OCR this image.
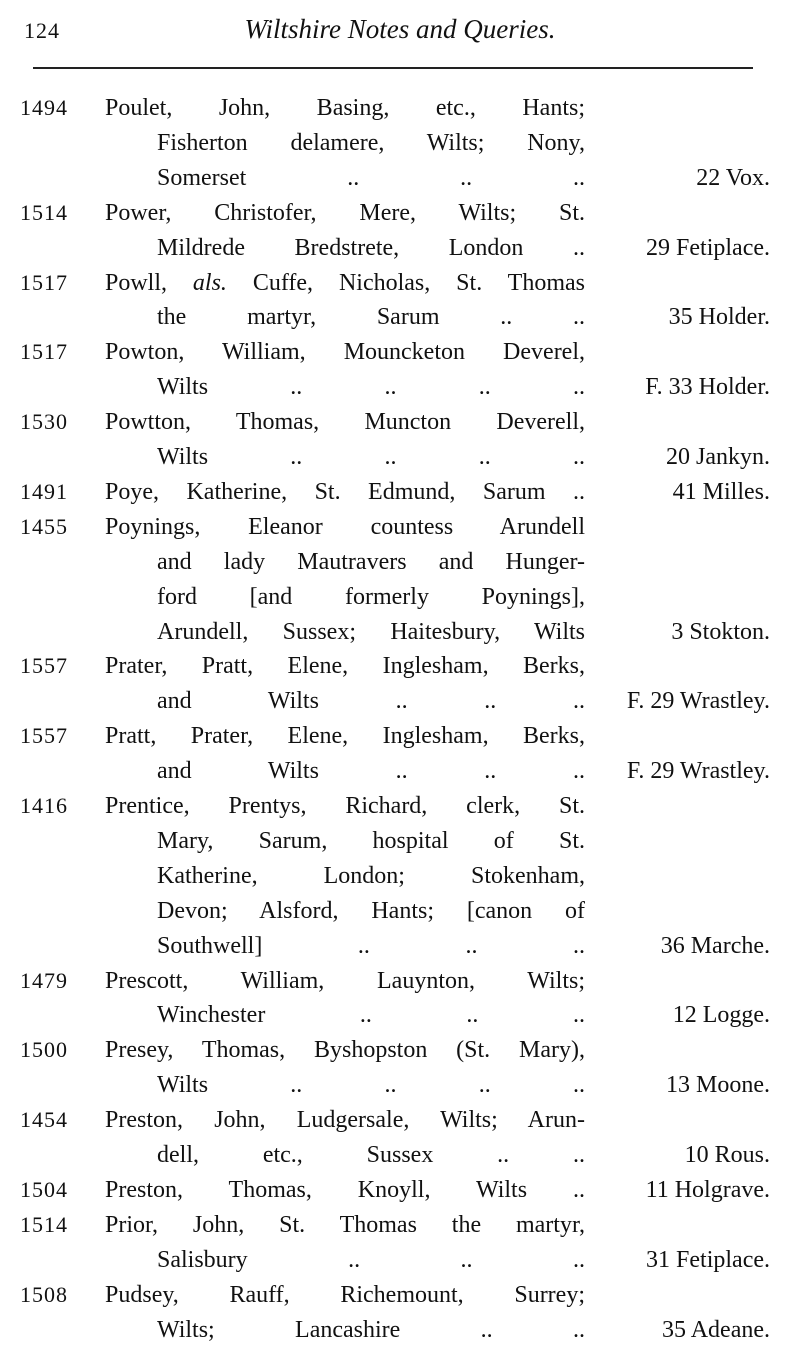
124	Wiltshire Notes and Queries.
1494 Poulet, John, Basing, etc., Hants;
Fisherton delamere, Wilts; Nony,
Somerset .. .. ..	22 Vox.
1514 Power, Christofer, Mere, Wilts; St.
Mildrede Bredstrete, London ..	29 Fetiplace.
1517 Powll, als. Cuffe, Nicholas, St. Thomas
the martyr, Sarum .. ..	35 Holder.
1517 Powton, William, Mouncketon Deverel,
Wilts .. .. .. ..	F. 33 Holder.
1530 Powtton, Thomas, Muncton Deverell,
Wilts .. .. .. ..	20 Jankyn.
1491 Poye, Katherine, St. Edmund, Sarum ..	41 Milles.
1455 Poynings, Eleanor countess Arundell
and lady Mautravers and Hunger-
ford [and formerly Poynings],
Arundell, Sussex; Haitesbury, Wilts	3 Stokton.
1557 Prater, Pratt, Elene, Inglesham, Berks,
and Wilts .. .. .. F. 29 Wrastley.
1557 Pratt, Prater, Elene, Inglesham, Berks,
and Wilts .. .. .. F. 29 Wrastley.
1416 Prentice, Prentys, Richard, clerk, St.
Mary, Sarum, hospital of St.
Katherine, London; Stokenham,
Devon; Alsford, Hants; [canon of
Southwell] .. .. ..	36 Marche.
1479 Prescott, William, Lauynton, Wilts;
Winchester .. .. ..	12 Logge.
1500 Presey, Thomas, Byshopston (St. Mary),
Wilts .. .. .. ..	13 Moone.
1454 Preston, John, Ludgersale, Wilts; Arun-
dell, etc., Sussex .. ..	10 Rous.
1504 Preston, Thomas, Knoyll, Wilts ..	11 Holgrave.
1514 Prior, John, St. Thomas the martyr,
Salisbury .. .. ..	31 Fetiplace.
1508 Pudsey, Rauff, Richemount, Surrey;
Wilts; Lancashire .. ..	35 Adeane.
